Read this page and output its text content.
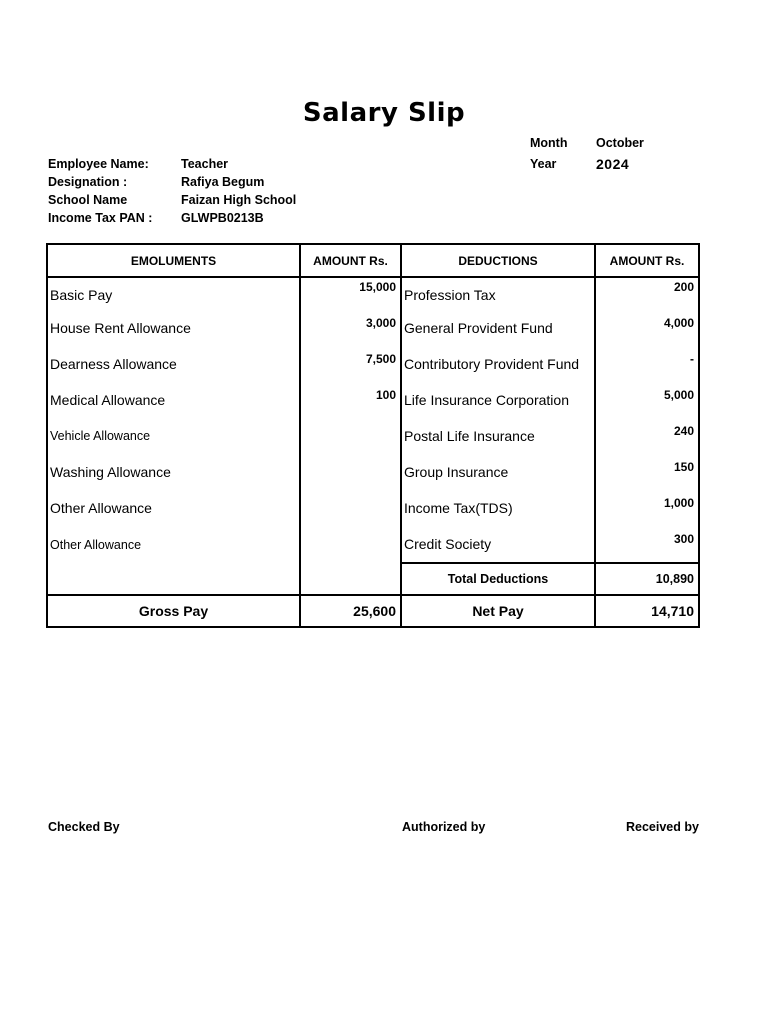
Salary Slip
Month October
Year	2024
Employee Name:	Teacher
Designation :	Rafiya Begum
School Name	Faizan High School
Income Tax PAN : GLWPB0213B
EMOLUMENTS	AMOUNT Rs.	DEDUCTIONS	AMOUNT Rs.
Basic Pay	15,000	Profession Tax	200
House Rent Allowance	3,000	General Provident Fund	4,000
Dearness Allowance	7,500	Contributory Provident Fund	-
Medical Allowance	100	Life Insurance Corporation	5,000
Vehicle Allowance		Postal Life Insurance	240
Washing Allowance		Group Insurance	150
Other Allowance		Income Tax(TDS)	1,000
Other Allowance		Credit Society	300
		Total Deductions	10,890
Gross Pay	25,600	Net Pay	14,710
Checked By	Authorized by	Received by
